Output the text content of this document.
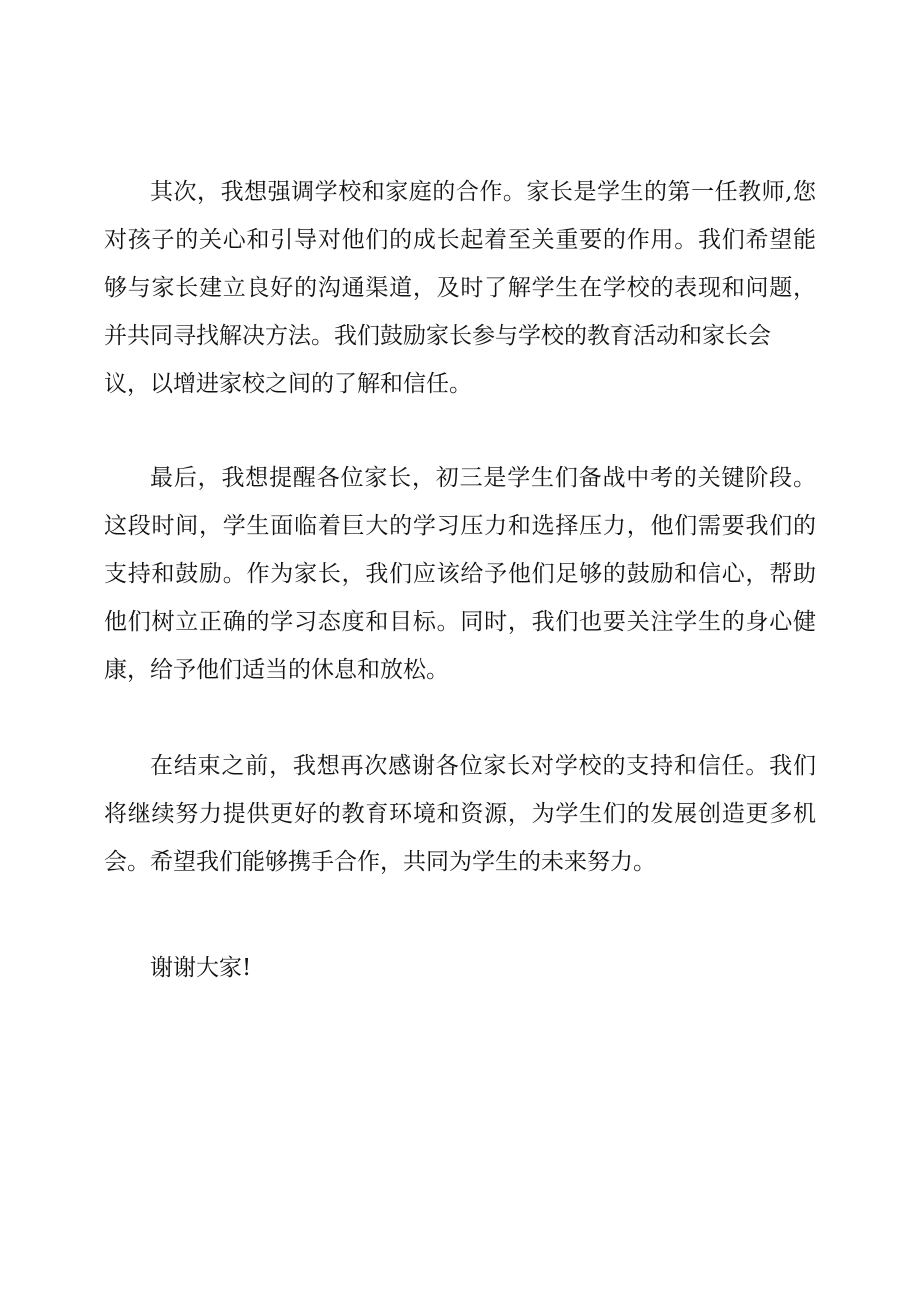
其次，我想强调学校和家庭的合作。家长是学生的第一任教师,您
对孩子的关心和引导对他们的成长起着至关重要的作用。我们希望能
够与家长建立良好的沟通渠道，及时了解学生在学校的表现和问题，
并共同寻找解决方法。我们鼓励家长参与学校的教育活动和家长会
议，以增进家校之间的了解和信任。

最后，我想提醒各位家长，初三是学生们备战中考的关键阶段。
这段时间，学生面临着巨大的学习压力和选择压力，他们需要我们的
支持和鼓励。作为家长，我们应该给予他们足够的鼓励和信心，帮助
他们树立正确的学习态度和目标。同时，我们也要关注学生的身心健
康，给予他们适当的休息和放松。

在结束之前，我想再次感谢各位家长对学校的支持和信任。我们
将继续努力提供更好的教育环境和资源，为学生们的发展创造更多机
会。希望我们能够携手合作，共同为学生的未来努力。

谢谢大家!
